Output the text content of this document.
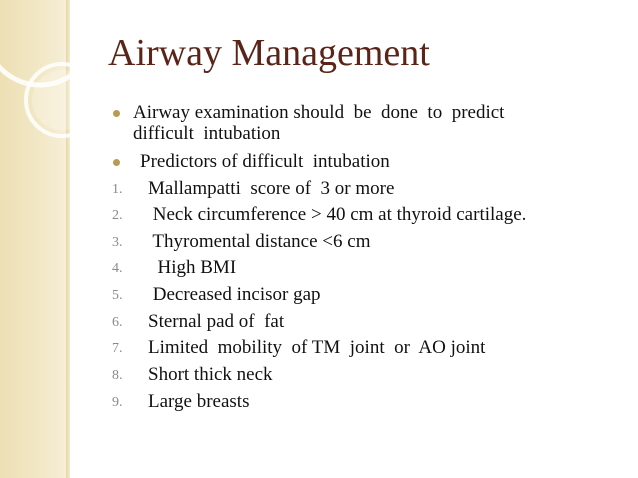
Airway Management
Airway examination should  be  done  to  predict
difficult  intubation
Predictors of difficult  intubation
1. Mallampatti  score of  3 or more
2. Neck circumference > 40 cm at thyroid cartilage.
3. Thyromental distance <6 cm
4. High BMI
5. Decreased incisor gap
6. Sternal pad of  fat
7. Limited  mobility  of TM  joint  or  AO joint
8. Short thick neck
9. Large breasts
